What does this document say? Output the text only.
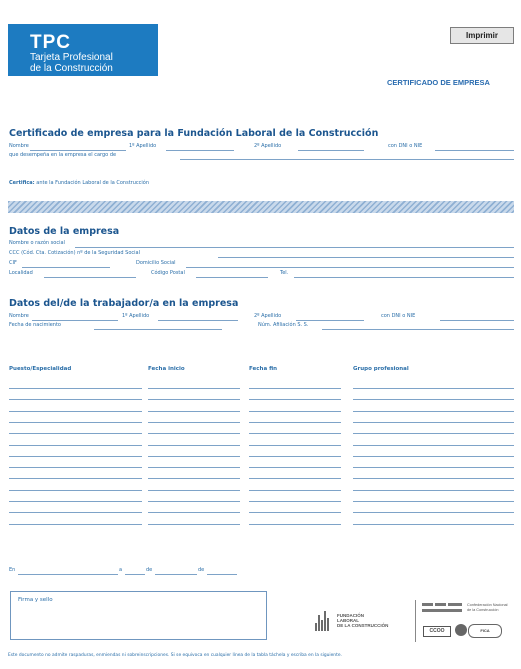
TPC
Tarjeta Profesional
de la Construcción
Imprimir
CERTIFICADO DE EMPRESA
Certificado de empresa para la Fundación Laboral de la Construcción
Nombre	1º Apellido	2º Apellido	con DNI o NIE
que desempeña en la empresa el cargo de
Certifica: ante la Fundación Laboral de la Construcción
Datos de la empresa
Nombre o razón social
CCC (Cód. Cta. Cotización) nº de la Seguridad Social
CIF	Domicilio Social
Localidad	Código Postal	Tel.
Datos del/de la trabajador/a en la empresa
Nombre	1º Apellido	2º Apellido	con DNI o NIE
Fecha de nacimiento	Núm. Afiliación S. S.
Puesto/Especialidad	Fecha inicio	Fecha fin	Grupo profesional
En	a	de	de
Firma y sello
FUNDACIÓN
LABORAL
DE LA CONSTRUCCIÓN
Confederación Nacional
de la Construcción
CCOO	FICA
Este documento no admite raspaduras, enmiendas ni sobreinscripciones. Si se equivoca en cualquier línea de la tabla táchela y escriba en la siguiente.
